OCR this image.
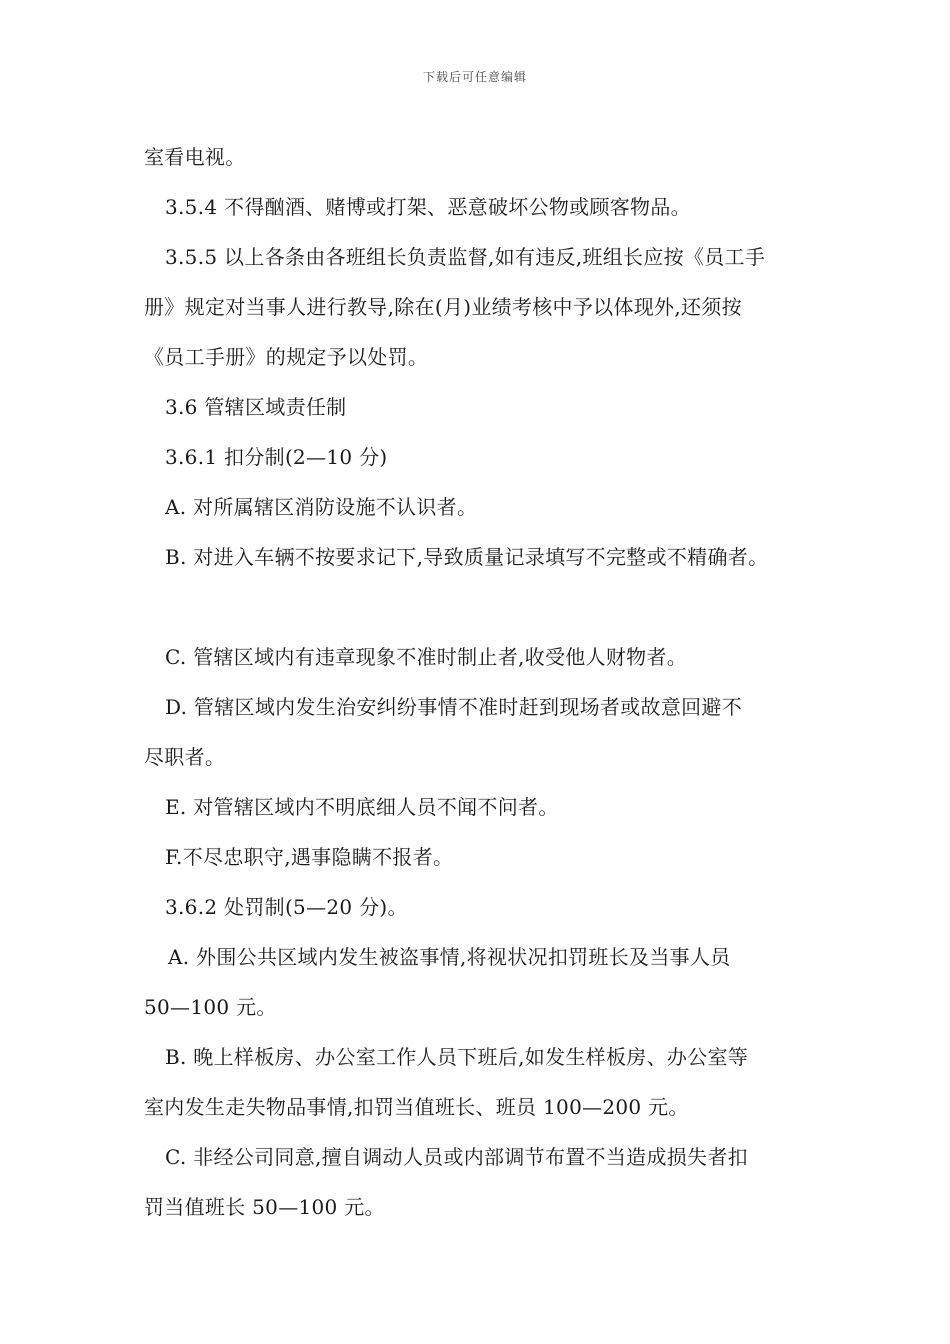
下载后可任意编辑
室看电视。
3.5.4 不得酗酒、赌博或打架、恶意破坏公物或顾客物品。
3.5.5 以上各条由各班组长负责监督,如有违反,班组长应按《员工手
册》规定对当事人进行教导,除在(月)业绩考核中予以体现外,还须按
《员工手册》的规定予以处罚。
3.6 管辖区域责任制
3.6.1 扣分制(2—10 分)
A. 对所属辖区消防设施不认识者。
B. 对进入车辆不按要求记下,导致质量记录填写不完整或不精确者。
C. 管辖区域内有违章现象不准时制止者,收受他人财物者。
D. 管辖区域内发生治安纠纷事情不准时赶到现场者或故意回避不
尽职者。
E. 对管辖区域内不明底细人员不闻不问者。
F.不尽忠职守,遇事隐瞒不报者。
3.6.2 处罚制(5—20 分)。
A. 外围公共区域内发生被盗事情,将视状况扣罚班长及当事人员
50—100 元。
B. 晚上样板房、办公室工作人员下班后,如发生样板房、办公室等
室内发生走失物品事情,扣罚当值班长、班员 100—200 元。
C. 非经公司同意,擅自调动人员或内部调节布置不当造成损失者扣
罚当值班长 50—100 元。
